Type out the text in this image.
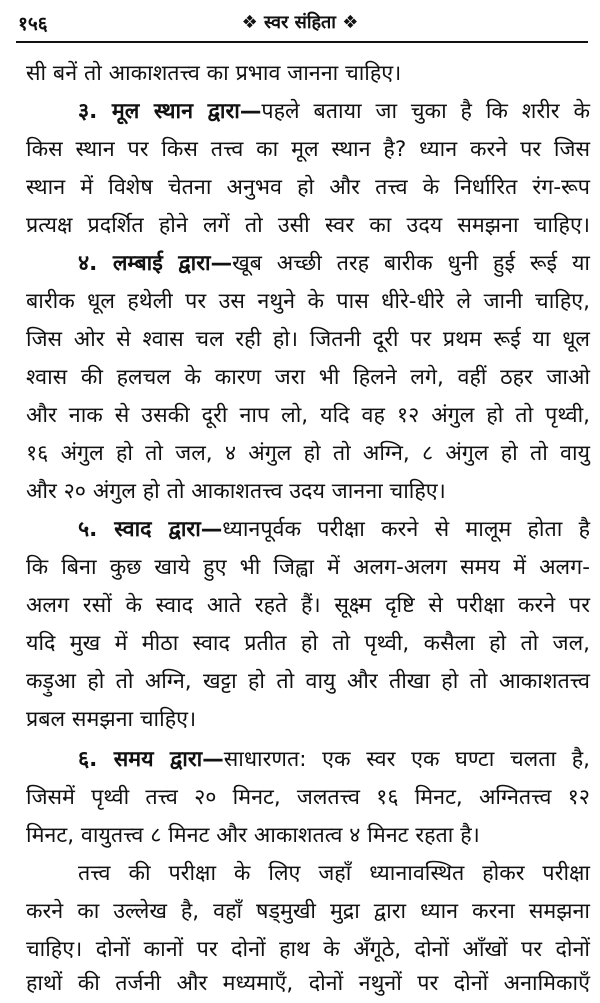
१५६	❖ स्वर संहिता ❖
सी बनें तो आकाशतत्त्व का प्रभाव जानना चाहिए।
३. मूल स्थान द्वारा—पहले बताया जा चुका है कि शरीर के
किस स्थान पर किस तत्त्व का मूल स्थान है? ध्यान करने पर जिस
स्थान में विशेष चेतना अनुभव हो और तत्त्व के निर्धारित रंग-रूप
प्रत्यक्ष प्रदर्शित होने लगें तो उसी स्वर का उदय समझना चाहिए।
४. लम्बाई द्वारा—खूब अच्छी तरह बारीक धुनी हुई रूई या
बारीक धूल हथेली पर उस नथुने के पास धीरे-धीरे ले जानी चाहिए,
जिस ओर से श्वास चल रही हो। जितनी दूरी पर प्रथम रूई या धूल
श्वास की हलचल के कारण जरा भी हिलने लगे, वहीं ठहर जाओ
और नाक से उसकी दूरी नाप लो, यदि वह १२ अंगुल हो तो पृथ्वी,
१६ अंगुल हो तो जल, ४ अंगुल हो तो अग्नि, ८ अंगुल हो तो वायु
और २० अंगुल हो तो आकाशतत्त्व उदय जानना चाहिए।
५. स्वाद द्वारा—ध्यानपूर्वक परीक्षा करने से मालूम होता है
कि बिना कुछ खाये हुए भी जिह्वा में अलग-अलग समय में अलग-
अलग रसों के स्वाद आते रहते हैं। सूक्ष्म दृष्टि से परीक्षा करने पर
यदि मुख में मीठा स्वाद प्रतीत हो तो पृथ्वी, कसैला हो तो जल,
कड़ुआ हो तो अग्नि, खट्टा हो तो वायु और तीखा हो तो आकाशतत्त्व
प्रबल समझना चाहिए।
६. समय द्वारा—साधारणत: एक स्वर एक घण्टा चलता है,
जिसमें पृथ्वी तत्त्व २० मिनट, जलतत्त्व १६ मिनट, अग्नितत्त्व १२
मिनट, वायुतत्त्व ८ मिनट और आकाशतत्व ४ मिनट रहता है।
तत्त्व की परीक्षा के लिए जहाँ ध्यानावस्थित होकर परीक्षा
करने का उल्लेख है, वहाँ षड्मुखी मुद्रा द्वारा ध्यान करना समझना
चाहिए। दोनों कानों पर दोनों हाथ के अँगूठे, दोनों आँखों पर दोनों
हाथों की तर्जनी और मध्यमाएँ, दोनों नथुनों पर दोनों अनामिकाएँ
